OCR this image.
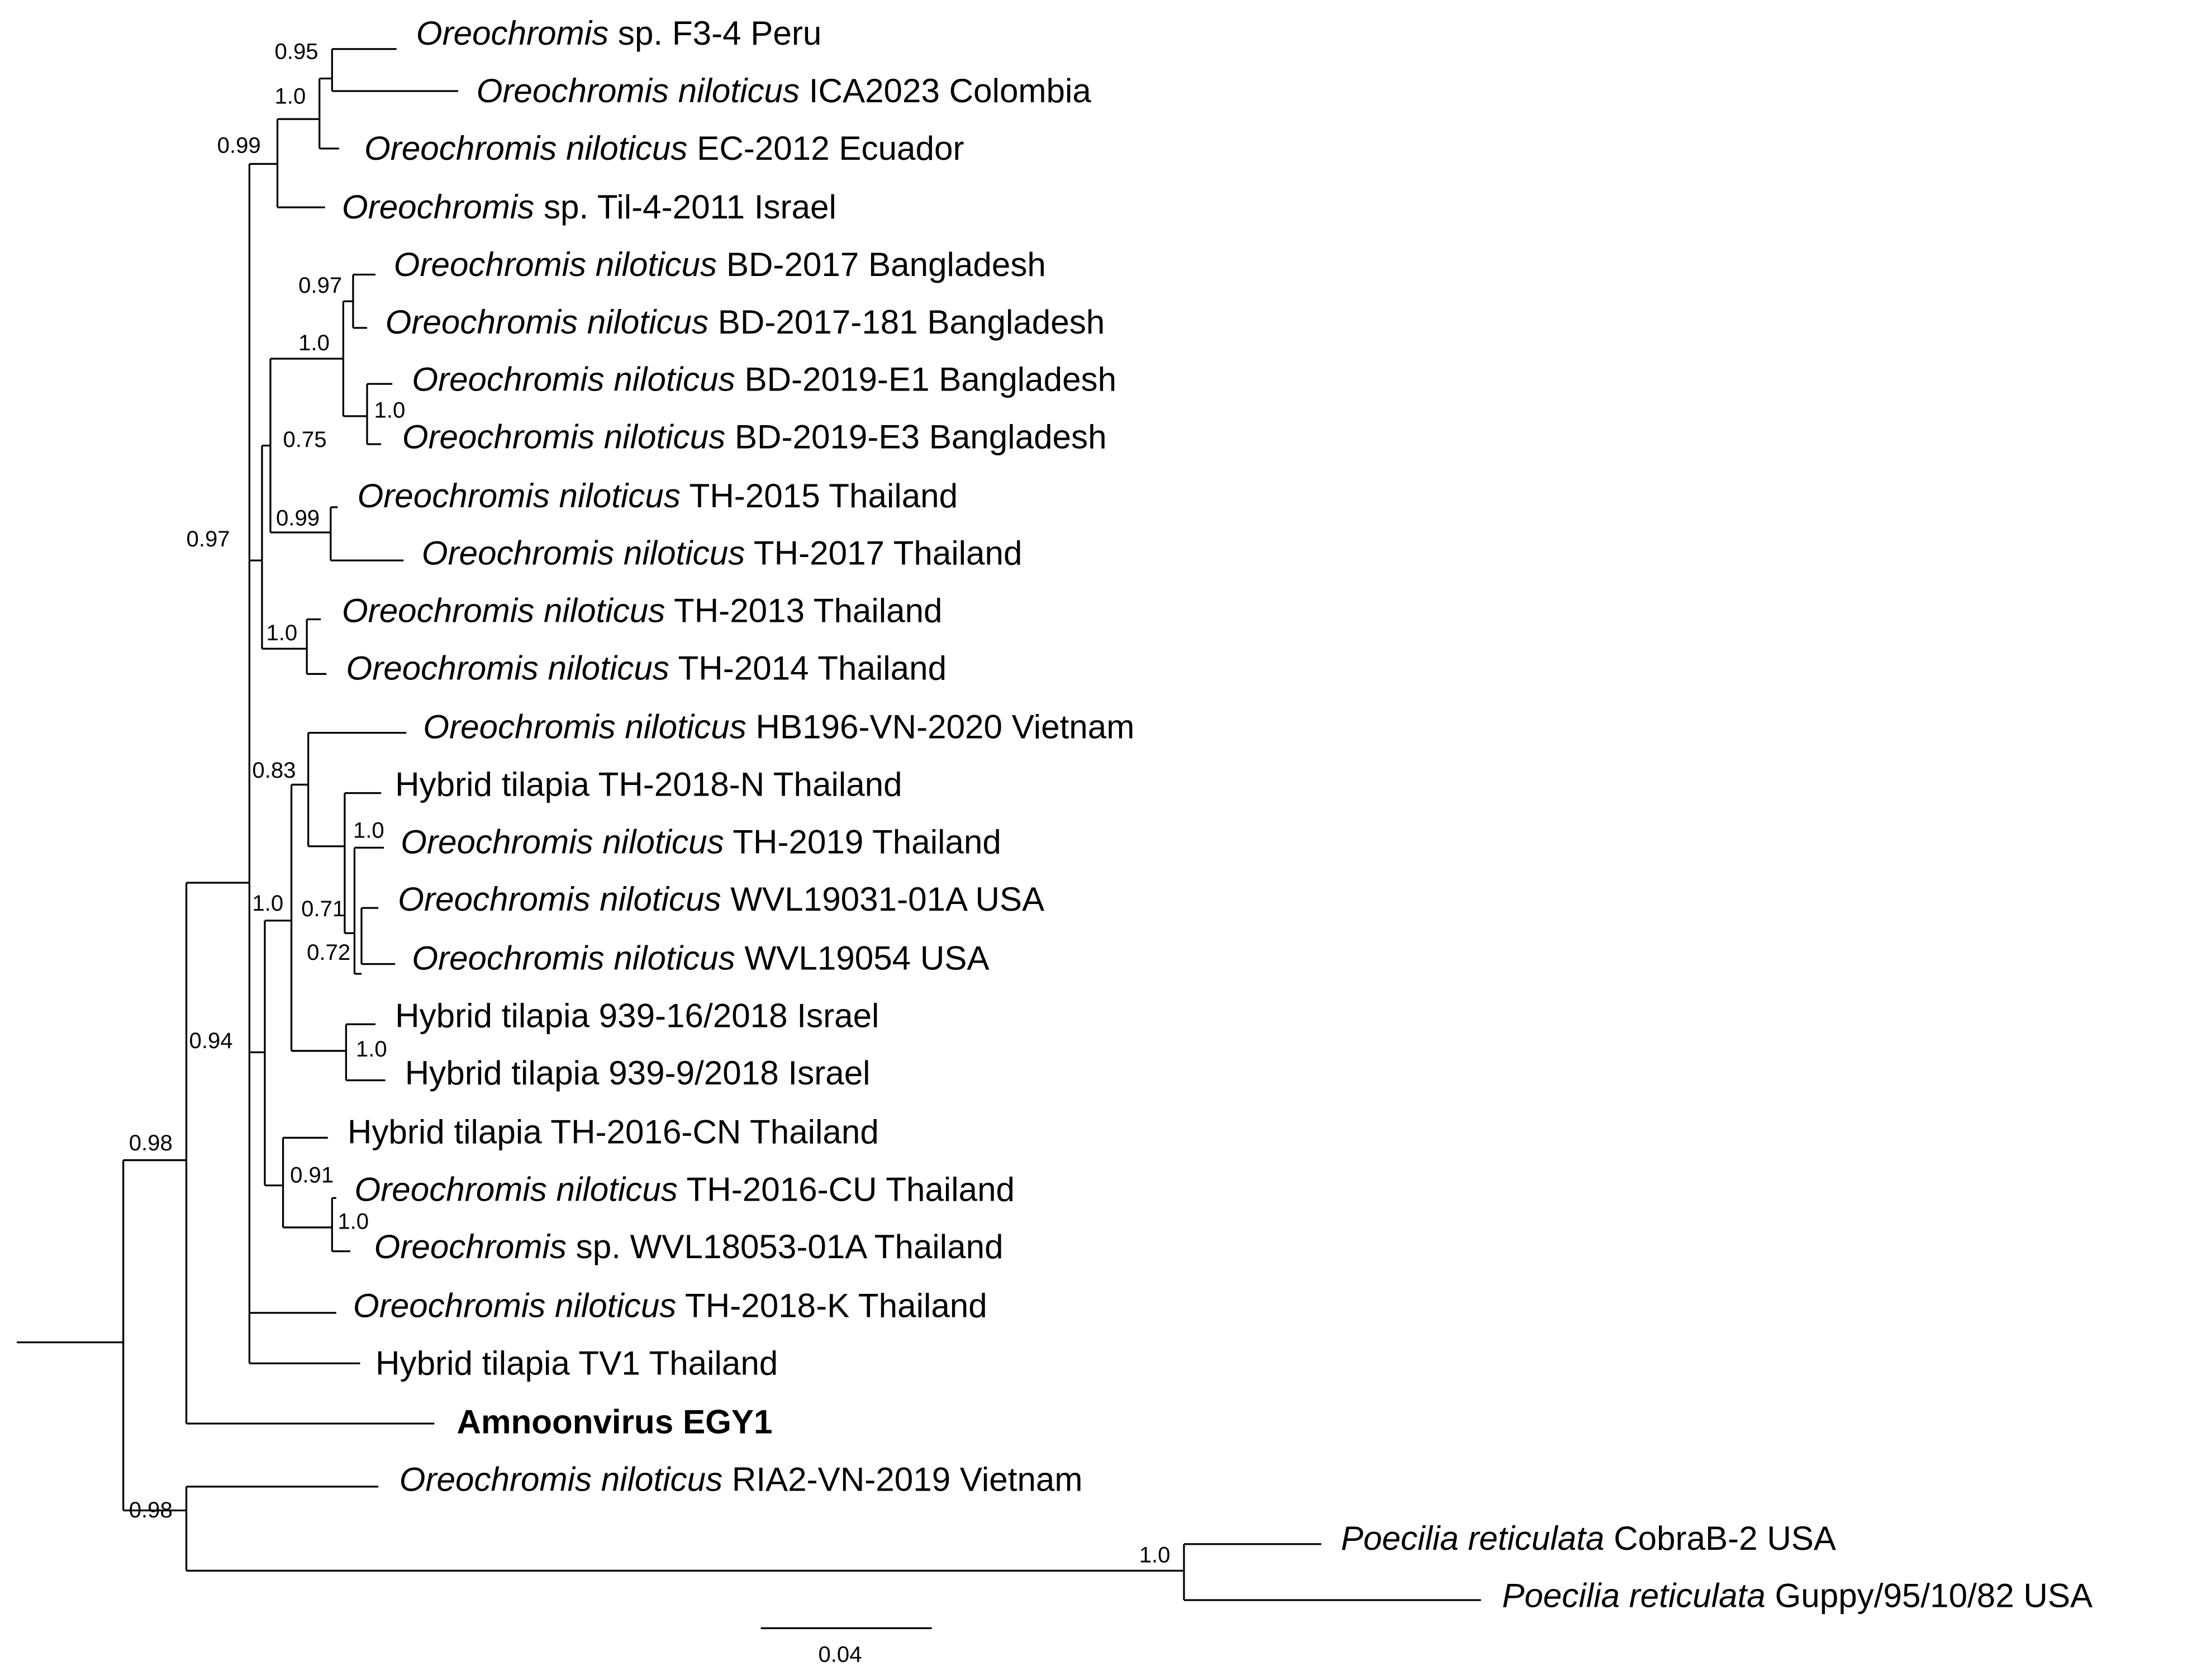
Oreochromis sp. F3-4 Peru
Oreochromis niloticus ICA2023 Colombia
Oreochromis niloticus EC-2012 Ecuador
Oreochromis sp. Til-4-2011 Israel
Oreochromis niloticus BD-2017 Bangladesh
Oreochromis niloticus BD-2017-181 Bangladesh
Oreochromis niloticus BD-2019-E1 Bangladesh
Oreochromis niloticus BD-2019-E3 Bangladesh
Oreochromis niloticus TH-2015 Thailand
Oreochromis niloticus TH-2017 Thailand
Oreochromis niloticus TH-2013 Thailand
Oreochromis niloticus TH-2014 Thailand
Oreochromis niloticus HB196-VN-2020 Vietnam
Hybrid tilapia TH-2018-N Thailand
Oreochromis niloticus TH-2019 Thailand
Oreochromis niloticus WVL19031-01A USA
Oreochromis niloticus WVL19054 USA
Hybrid tilapia 939-16/2018 Israel
Hybrid tilapia 939-9/2018 Israel
Hybrid tilapia TH-2016-CN Thailand
Oreochromis niloticus TH-2016-CU Thailand
Oreochromis sp. WVL18053-01A Thailand
Oreochromis niloticus TH-2018-K Thailand
Hybrid tilapia TV1 Thailand
Amnoonvirus EGY1
Oreochromis niloticus RIA2-VN-2019 Vietnam
Poecilia reticulata CobraB-2 USA
Poecilia reticulata Guppy/95/10/82 USA
0.95
1.0
0.99
0.97
1.0
1.0
0.75
0.99
0.97
1.0
0.83
1.0
0.71
0.72
1.0
1.0
0.94
0.91
1.0
0.98
0.98
1.0
0.04
